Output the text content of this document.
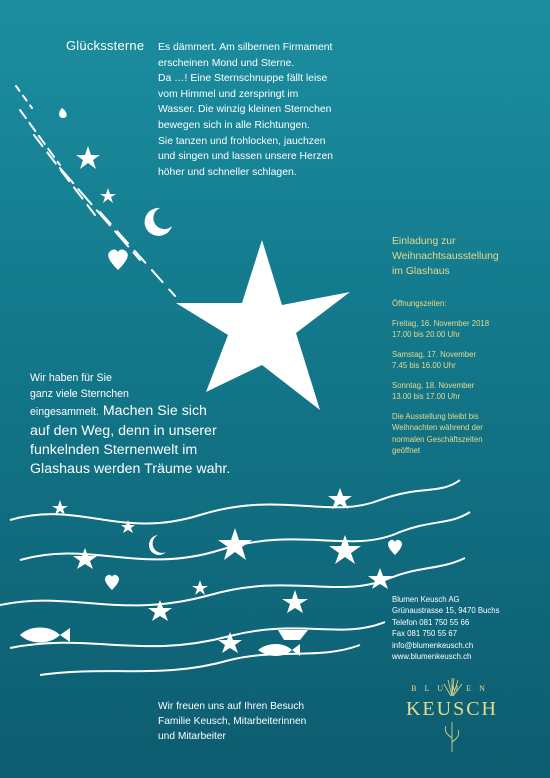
Glückssterne Es dämmert. Am silbernen Firmament

erscheinen Mond und Sterne.

Da …! Eine Sternschnuppe fällt leise

vom Himmel und zerspringt im

Wasser. Die winzig kleinen Sternchen

bewegen sich in alle Richtungen.

Sie tanzen und frohlocken, jauchzen

und singen und lassen unsere Herzen

höher und schneller schlagen.

Einladung zur
Weihnachtsausstellung
im Glashaus
Öffnungszeiten:
Freitag, 16. November 2018
17.00 bis 20.00 Uhr
Samstag, 17. November
7.45 bis 16.00 Uhr
Sonntag, 18. November
13.00 bis 17.00 Uhr
Die Ausstellung bleibt bis
Weihnachten während der
normalen Geschäftszeiten
geöffnet
Wir haben für Sie
ganz viele Sternchen
eingesammelt. Machen Sie sich
auf den Weg, denn in unserer
funkelnden Sternenwelt im
Glashaus werden Träume wahr.
Blumen Keusch AG
Grünaustrasse 15, 9470 Buchs
Telefon 081 750 55 66
Fax 081 750 55 67
info@blumenkeusch.ch
www.blumenkeusch.ch
Wir freuen uns auf Ihren Besuch
Familie Keusch, Mitarbeiterinnen
und Mitarbeiter
BLUMEN
KEUSCH
